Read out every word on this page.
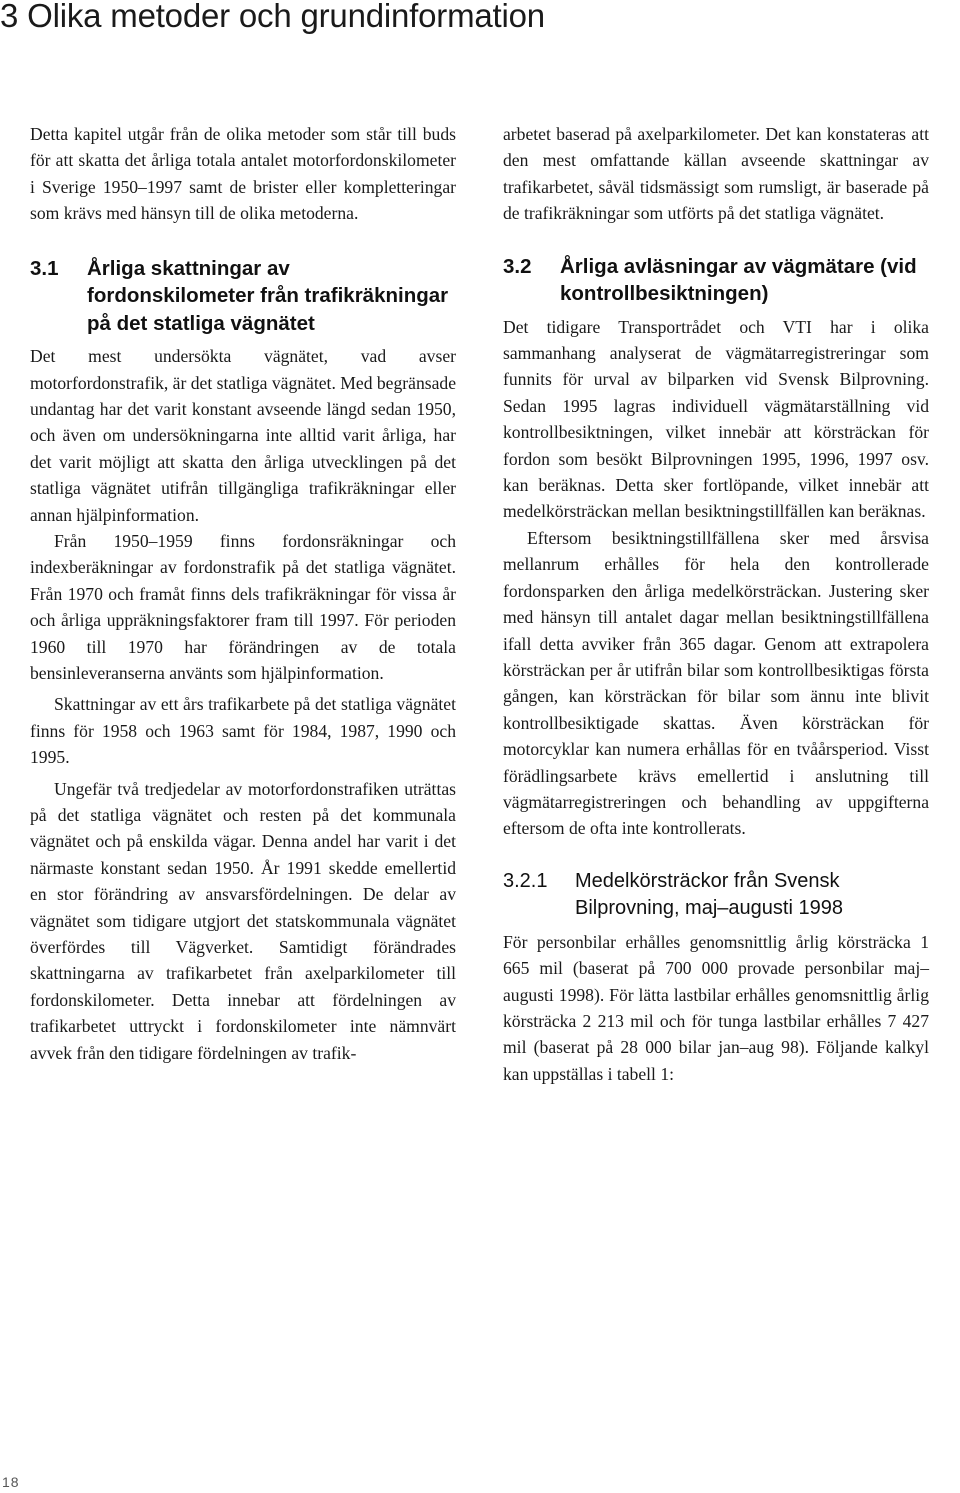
3 Olika metoder och grundinformation

Detta kapitel utgår från de olika metoder som står till buds för att skatta det årliga totala antalet motorfordonskilometer i Sverige 1950–1997 samt de brister eller kompletteringar som krävs med hänsyn till de olika metoderna.

3.1	Årliga skattningar av fordonskilometer från trafikräkningar på det statliga vägnätet

Det mest undersökta vägnätet, vad avser motorfordonstrafik, är det statliga vägnätet. Med begränsade undantag har det varit konstant avseende längd sedan 1950, och även om undersökningarna inte alltid varit årliga, har det varit möjligt att skatta den årliga utvecklingen på det statliga vägnätet utifrån tillgängliga trafikräkningar eller annan hjälpinformation.

Från 1950–1959 finns fordonsräkningar och indexberäkningar av fordonstrafik på det statliga vägnätet. Från 1970 och framåt finns dels trafikräkningar för vissa år och årliga uppräkningsfaktorer fram till 1997. För perioden 1960 till 1970 har förändringen av de totala bensinleveranserna använts som hjälpinformation.

Skattningar av ett års trafikarbete på det statliga vägnätet finns för 1958 och 1963 samt för 1984, 1987, 1990 och 1995.

Ungefär två tredjedelar av motorfordonstrafiken uträttas på det statliga vägnätet och resten på det kommunala vägnätet och på enskilda vägar. Denna andel har varit i det närmaste konstant sedan 1950. År 1991 skedde emellertid en stor förändring av ansvarsfördelningen. De delar av vägnätet som tidigare utgjort det statskommunala vägnätet överfördes till Vägverket. Samtidigt förändrades skattningarna av trafikarbetet från axelparkilometer till fordonskilometer. Detta innebar att fördelningen av trafikarbetet uttryckt i fordonskilometer inte nämnvärt avvek från den tidigare fördelningen av trafik-

arbetet baserad på axelparkilometer. Det kan konstateras att den mest omfattande källan avseende skattningar av trafikarbetet, såväl tidsmässigt som rumsligt, är baserade på de trafikräkningar som utförts på det statliga vägnätet.

3.2	Årliga avläsningar av vägmätare (vid kontrollbesiktningen)

Det tidigare Transportrådet och VTI har i olika sammanhang analyserat de vägmätarregistreringar som funnits för urval av bilparken vid Svensk Bilprovning. Sedan 1995 lagras individuell vägmätarställning vid kontrollbesiktningen, vilket innebär att körsträckan för fordon som besökt Bilprovningen 1995, 1996, 1997 osv. kan beräknas. Detta sker fortlöpande, vilket innebär att medelkörsträckan mellan besiktningstillfällen kan beräknas.

Eftersom besiktningstillfällena sker med årsvisa mellanrum erhålles för hela den kontrollerade fordonsparken den årliga medelkörsträckan. Justering sker med hänsyn till antalet dagar mellan besiktningstillfällena ifall detta avviker från 365 dagar. Genom att extrapolera körsträckan per år utifrån bilar som kontrollbesiktigas första gången, kan körsträckan för bilar som ännu inte blivit kontrollbesiktigade skattas. Även körsträckan för motorcyklar kan numera erhållas för en tvåårsperiod. Visst förädlingsarbete krävs emellertid i anslutning till vägmätarregistreringen och behandling av uppgifterna eftersom de ofta inte kontrollerats.

3.2.1	Medelkörsträckor från Svensk Bilprovning, maj–augusti 1998

För personbilar erhålles genomsnittlig årlig körsträcka 1 665 mil (baserat på 700 000 provade personbilar maj–augusti 1998). För lätta lastbilar erhålles genomsnittlig årlig körsträcka 2 213 mil och för tunga lastbilar erhålles 7 427 mil (baserat på 28 000 bilar jan–aug 98). Följande kalkyl kan uppställas i tabell 1:

18
